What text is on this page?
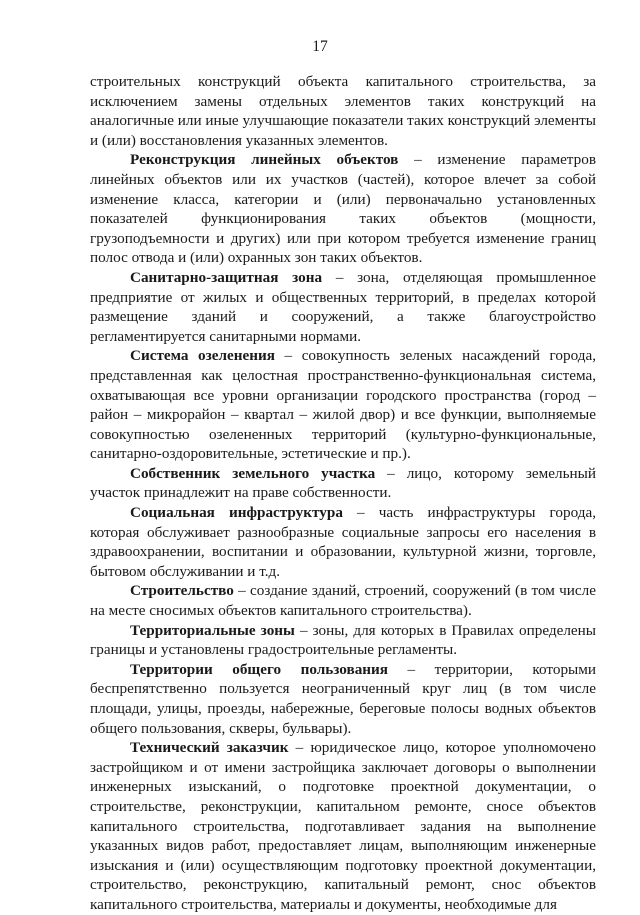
17

строительных конструкций объекта капитального строительства, за исключением замены отдельных элементов таких конструкций на аналогичные или иные улучшающие показатели таких конструкций элементы и (или) восстановления указанных элементов.

Реконструкция линейных объектов – изменение параметров линейных объектов или их участков (частей), которое влечет за собой изменение класса, категории и (или) первоначально установленных показателей функционирования таких объектов (мощности, грузоподъемности и других) или при котором требуется изменение границ полос отвода и (или) охранных зон таких объектов.

Санитарно-защитная зона – зона, отделяющая промышленное предприятие от жилых и общественных территорий, в пределах которой размещение зданий и сооружений, а также благоустройство регламентируется санитарными нормами.

Система озеленения – совокупность зеленых насаждений города, представленная как целостная пространственно-функциональная система, охватывающая все уровни организации городского пространства (город – район – микрорайон – квартал – жилой двор) и все функции, выполняемые совокупностью озелененных территорий (культурно-функциональные, санитарно-оздоровительные, эстетические и пр.).

Собственник земельного участка – лицо, которому земельный участок принадлежит на праве собственности.

Социальная инфраструктура – часть инфраструктуры города, которая обслуживает разнообразные социальные запросы его населения в здравоохранении, воспитании и образовании, культурной жизни, торговле, бытовом обслуживании и т.д.

Строительство – создание зданий, строений, сооружений (в том числе на месте сносимых объектов капитального строительства).

Территориальные зоны – зоны, для которых в Правилах определены границы и установлены градостроительные регламенты.

Территории общего пользования – территории, которыми беспрепятственно пользуется неограниченный круг лиц (в том числе площади, улицы, проезды, набережные, береговые полосы водных объектов общего пользования, скверы, бульвары).

Технический заказчик – юридическое лицо, которое уполномочено застройщиком и от имени застройщика заключает договоры о выполнении инженерных изысканий, о подготовке проектной документации, о строительстве, реконструкции, капитальном ремонте, сносе объектов капитального строительства, подготавливает задания на выполнение указанных видов работ, предоставляет лицам, выполняющим инженерные изыскания и (или) осуществляющим подготовку проектной документации, строительство, реконструкцию, капитальный ремонт, снос объектов капитального строительства, материалы и документы, необходимые для
